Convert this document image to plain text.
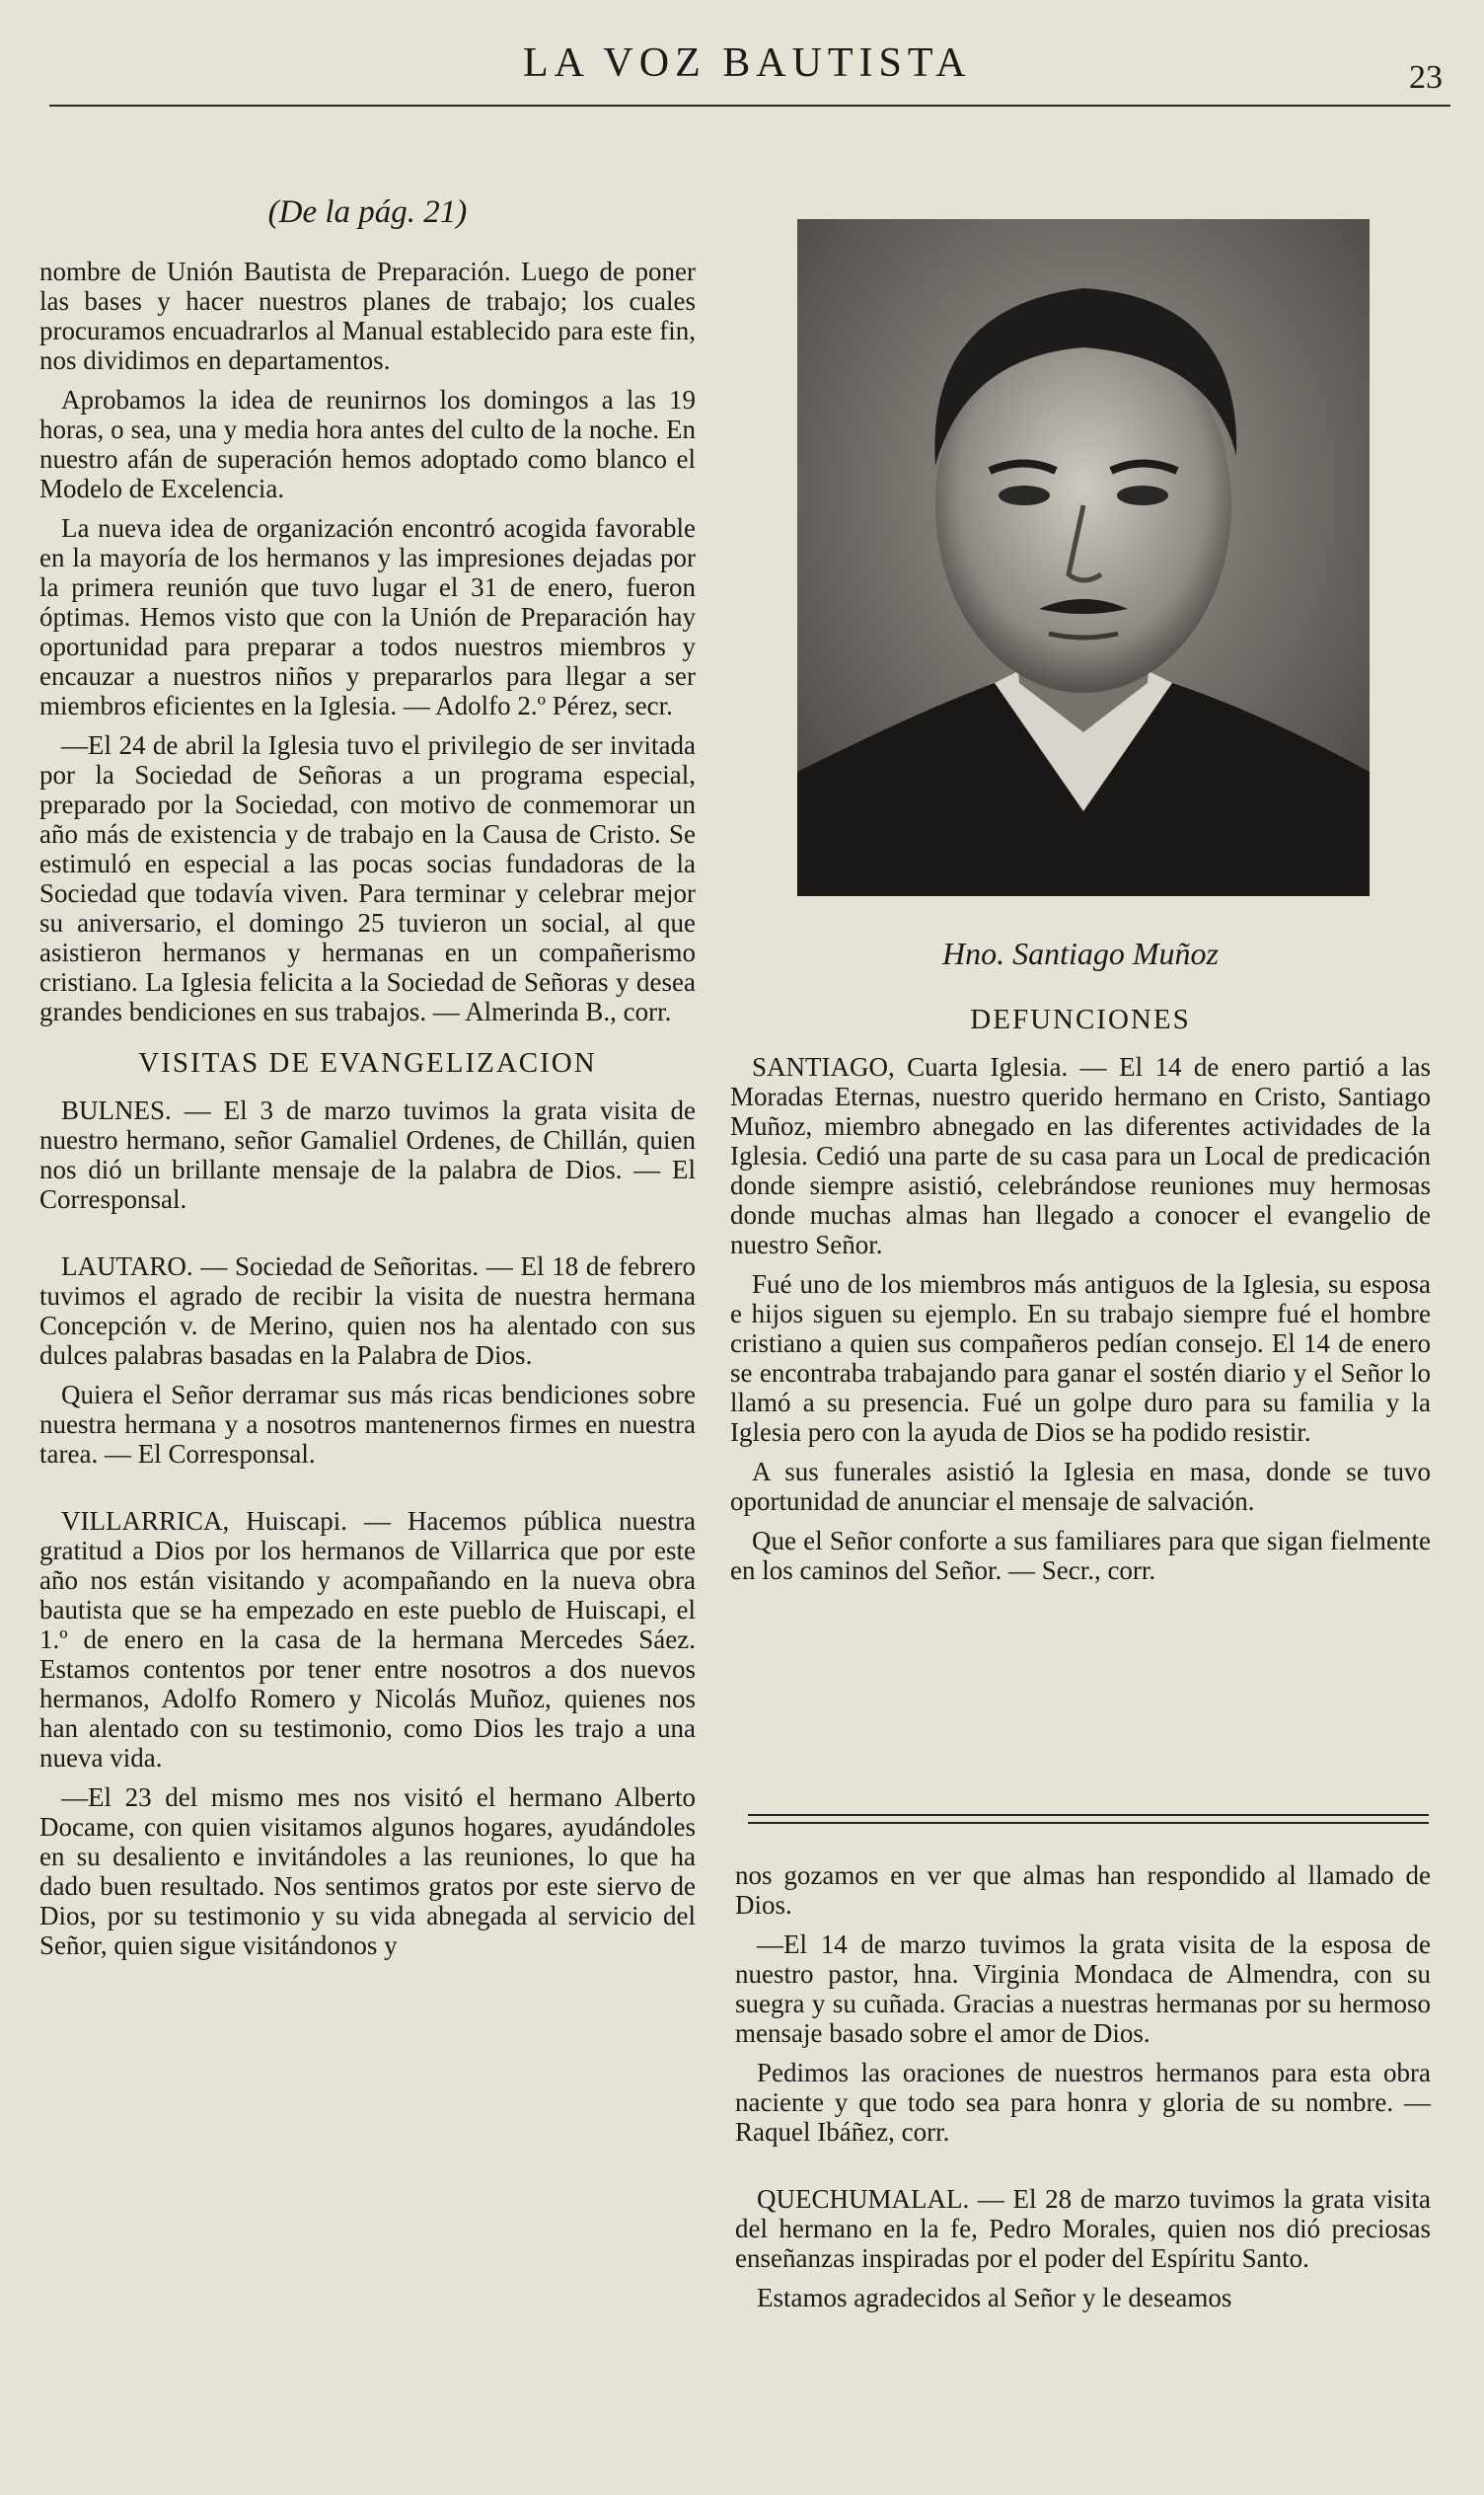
LA VOZ BAUTISTA	23

(De la pág. 21)

nombre de Unión Bautista de Preparación. Luego de poner las bases y hacer nuestros planes de trabajo; los cuales procuramos encuadrarlos al Manual establecido para este fin, nos dividimos en departamentos.

Aprobamos la idea de reunirnos los domingos a las 19 horas, o sea, una y media hora antes del culto de la noche. En nuestro afán de superación hemos adoptado como blanco el Modelo de Excelencia.

La nueva idea de organización encontró acogida favorable en la mayoría de los hermanos y las impresiones dejadas por la primera reunión que tuvo lugar el 31 de enero, fueron óptimas. Hemos visto que con la Unión de Preparación hay oportunidad para preparar a todos nuestros miembros y encauzar a nuestros niños y prepararlos para llegar a ser miembros eficientes en la Iglesia. — Adolfo 2.º Pérez, secr.

—El 24 de abril la Iglesia tuvo el privilegio de ser invitada por la Sociedad de Señoras a un programa especial, preparado por la Sociedad, con motivo de conmemorar un año más de existencia y de trabajo en la Causa de Cristo. Se estimuló en especial a las pocas socias fundadoras de la Sociedad que todavía viven. Para terminar y celebrar mejor su aniversario, el domingo 25 tuvieron un social, al que asistieron hermanos y hermanas en un compañerismo cristiano. La Iglesia felicita a la Sociedad de Señoras y desea grandes bendiciones en sus trabajos. — Almerinda B., corr.

VISITAS DE EVANGELIZACION

BULNES. — El 3 de marzo tuvimos la grata visita de nuestro hermano, señor Gamaliel Ordenes, de Chillán, quien nos dió un brillante mensaje de la palabra de Dios. — El Corresponsal.

LAUTARO. — Sociedad de Señoritas. — El 18 de febrero tuvimos el agrado de recibir la visita de nuestra hermana Concepción v. de Merino, quien nos ha alentado con sus dulces palabras basadas en la Palabra de Dios.

Quiera el Señor derramar sus más ricas bendiciones sobre nuestra hermana y a nosotros mantenernos firmes en nuestra tarea. — El Corresponsal.

VILLARRICA, Huiscapi. — Hacemos pública nuestra gratitud a Dios por los hermanos de Villarrica que por este año nos están visitando y acompañando en la nueva obra bautista que se ha empezado en este pueblo de Huiscapi, el 1.º de enero en la casa de la hermana Mercedes Sáez. Estamos contentos por tener entre nosotros a dos nuevos hermanos, Adolfo Romero y Nicolás Muñoz, quienes nos han alentado con su testimonio, como Dios les trajo a una nueva vida.

—El 23 del mismo mes nos visitó el hermano Alberto Docame, con quien visitamos algunos hogares, ayudándoles en su desaliento e invitándoles a las reuniones, lo que ha dado buen resultado. Nos sentimos gratos por este siervo de Dios, por su testimonio y su vida abnegada al servicio del Señor, quien sigue visitándonos y

Hno. Santiago Muñoz

DEFUNCIONES

SANTIAGO, Cuarta Iglesia. — El 14 de enero partió a las Moradas Eternas, nuestro querido hermano en Cristo, Santiago Muñoz, miembro abnegado en las diferentes actividades de la Iglesia. Cedió una parte de su casa para un Local de predicación donde siempre asistió, celebrándose reuniones muy hermosas donde muchas almas han llegado a conocer el evangelio de nuestro Señor.

Fué uno de los miembros más antiguos de la Iglesia, su esposa e hijos siguen su ejemplo. En su trabajo siempre fué el hombre cristiano a quien sus compañeros pedían consejo. El 14 de enero se encontraba trabajando para ganar el sostén diario y el Señor lo llamó a su presencia. Fué un golpe duro para su familia y la Iglesia pero con la ayuda de Dios se ha podido resistir.

A sus funerales asistió la Iglesia en masa, donde se tuvo oportunidad de anunciar el mensaje de salvación.

Que el Señor conforte a sus familiares para que sigan fielmente en los caminos del Señor. — Secr., corr.

nos gozamos en ver que almas han respondido al llamado de Dios.

—El 14 de marzo tuvimos la grata visita de la esposa de nuestro pastor, hna. Virginia Mondaca de Almendra, con su suegra y su cuñada. Gracias a nuestras hermanas por su hermoso mensaje basado sobre el amor de Dios.

Pedimos las oraciones de nuestros hermanos para esta obra naciente y que todo sea para honra y gloria de su nombre. — Raquel Ibáñez, corr.

QUECHUMALAL. — El 28 de marzo tuvimos la grata visita del hermano en la fe, Pedro Morales, quien nos dió preciosas enseñanzas inspiradas por el poder del Espíritu Santo.

Estamos agradecidos al Señor y le deseamos
